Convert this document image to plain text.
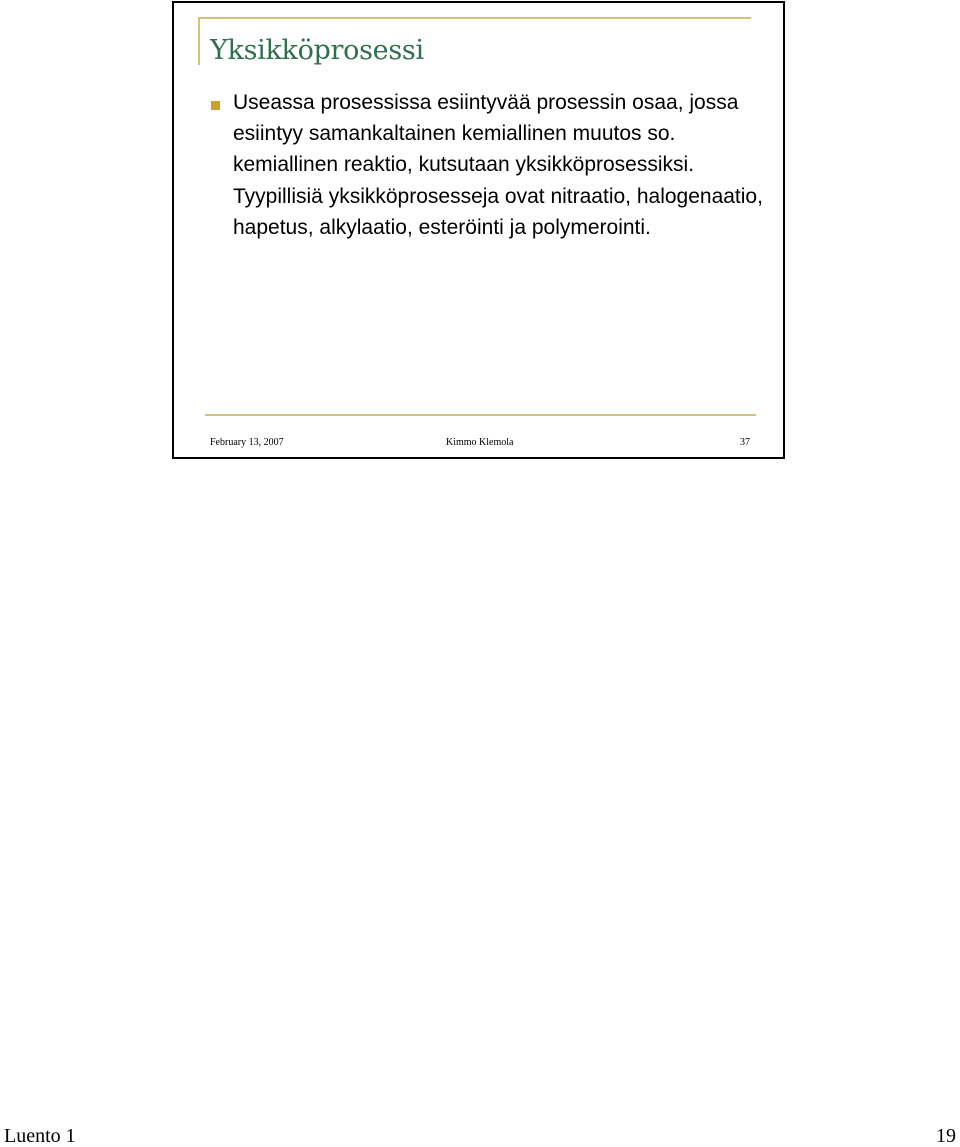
Yksikköprosessi

Useassa prosessissa esiintyvää prosessin osaa, jossa esiintyy samankaltainen kemiallinen muutos so. kemiallinen reaktio, kutsutaan yksikköprosessiksi. Tyypillisiä yksikköprosesseja ovat nitraatio, halogenaatio, hapetus, alkylaatio, esteröinti ja polymerointi.

February 13, 2007	Kimmo Klemola	37

Luento 1	19
